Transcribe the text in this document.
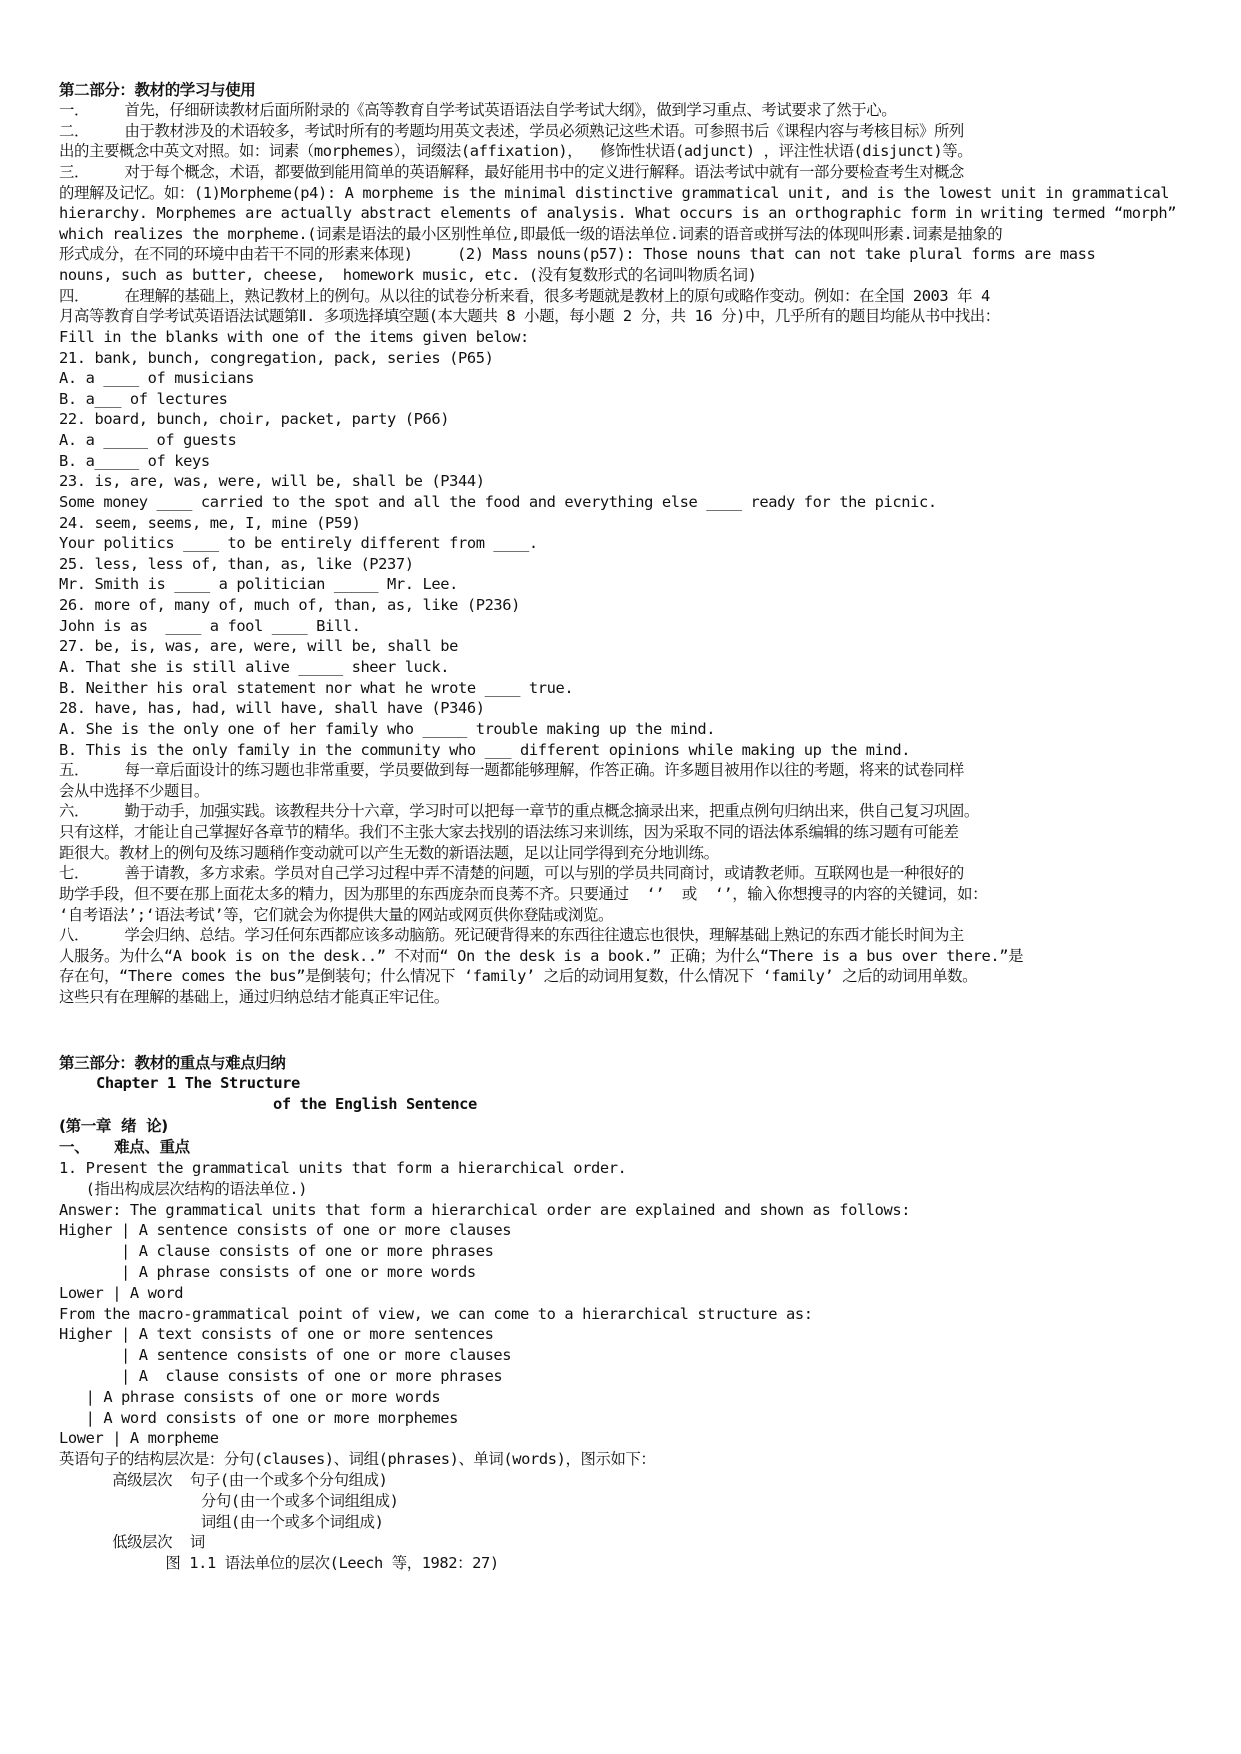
第二部分：教材的学习与使用
一．    首先，仔细研读教材后面所附录的《高等教育自学考试英语语法自学考试大纲》，做到学习重点、考试要求了然于心。
二．    由于教材涉及的术语较多，考试时所有的考题均用英文表述，学员必须熟记这些术语。可参照书后《课程内容与考核目标》所列
出的主要概念中英文对照。如：词素（morphemes），词缀法(affixation)，  修饰性状语(adjunct) ，评注性状语(disjunct)等。
三．    对于每个概念，术语，都要做到能用简单的英语解释，最好能用书中的定义进行解释。语法考试中就有一部分要检查考生对概念
的理解及记忆。如：(1)Morpheme(p4): A morpheme is the minimal distinctive grammatical unit, and is the lowest unit in grammatical
hierarchy. Morphemes are actually abstract elements of analysis. What occurs is an orthographic form in writing termed “morph”
which realizes the morpheme.(词素是语法的最小区别性单位,即最低一级的语法单位.词素的语音或拼写法的体现叫形素.词素是抽象的
形式成分，在不同的环境中由若干不同的形素来体现)     (2) Mass nouns(p57): Those nouns that can not take plural forms are mass
nouns, such as butter, cheese,  homework music, etc. (没有复数形式的名词叫物质名词)
四．    在理解的基础上，熟记教材上的例句。从以往的试卷分析来看，很多考题就是教材上的原句或略作变动。例如：在全国 2003 年 4
月高等教育自学考试英语语法试题第Ⅱ. 多项选择填空题(本大题共 8 小题，每小题 2 分，共 16 分)中，几乎所有的题目均能从书中找出：
Fill in the blanks with one of the items given below:
21. bank, bunch, congregation, pack, series (P65)
A. a ____ of musicians
B. a___ of lectures
22. board, bunch, choir, packet, party (P66)
A. a _____ of guests
B. a_____ of keys
23. is, are, was, were, will be, shall be (P344)
Some money ____ carried to the spot and all the food and everything else ____ ready for the picnic.
24. seem, seems, me, I, mine (P59)
Your politics ____ to be entirely different from ____.
25. less, less of, than, as, like (P237)
Mr. Smith is ____ a politician _____ Mr. Lee.
26. more of, many of, much of, than, as, like (P236)
John is as  ____ a fool ____ Bill.
27. be, is, was, are, were, will be, shall be
A. That she is still alive _____ sheer luck.
B. Neither his oral statement nor what he wrote ____ true.
28. have, has, had, will have, shall have (P346)
A. She is the only one of her family who _____ trouble making up the mind.
B. This is the only family in the community who ___ different opinions while making up the mind.
五．    每一章后面设计的练习题也非常重要，学员要做到每一题都能够理解，作答正确。许多题目被用作以往的考题，将来的试卷同样
会从中选择不少题目。
六．    勤于动手，加强实践。该教程共分十六章，学习时可以把每一章节的重点概念摘录出来，把重点例句归纳出来，供自己复习巩固。
只有这样，才能让自己掌握好各章节的精华。我们不主张大家去找别的语法练习来训练，因为采取不同的语法体系编辑的练习题有可能差
距很大。教材上的例句及练习题稍作变动就可以产生无数的新语法题，足以让同学得到充分地训练。
七．    善于请教，多方求索。学员对自己学习过程中弄不清楚的问题，可以与别的学员共同商讨，或请教老师。互联网也是一种很好的
助学手段，但不要在那上面花太多的精力，因为那里的东西庞杂而良莠不齐。只要通过  ‘’  或  ‘’，输入你想搜寻的内容的关键词，如：
‘自考语法’;‘语法考试’等，它们就会为你提供大量的网站或网页供你登陆或浏览。
八．    学会归纳、总结。学习任何东西都应该多动脑筋。死记硬背得来的东西往往遗忘也很快，理解基础上熟记的东西才能长时间为主
人服务。为什么“A book is on the desk..” 不对而“ On the desk is a book.” 正确；为什么“There is a bus over there.”是
存在句，“There comes the bus”是倒装句；什么情况下 ‘family’ 之后的动词用复数，什么情况下 ‘family’ 之后的动词用单数。
这些只有在理解的基础上，通过归纳总结才能真正牢记住。
第三部分：教材的重点与难点归纳
Chapter 1 The Structure
of the English Sentence
(第一章  绪  论)
一、     难点、重点
1. Present the grammatical units that form a hierarchical order.
(指出构成层次结构的语法单位.)
Answer: The grammatical units that form a hierarchical order are explained and shown as follows:
Higher | A sentence consists of one or more clauses
| A clause consists of one or more phrases
| A phrase consists of one or more words
Lower | A word
From the macro-grammatical point of view, we can come to a hierarchical structure as:
Higher | A text consists of one or more sentences
| A sentence consists of one or more clauses
| A  clause consists of one or more phrases
| A phrase consists of one or more words
| A word consists of one or more morphemes
Lower | A morpheme
英语句子的结构层次是：分句(clauses)、词组(phrases)、单词(words)，图示如下：
高级层次  句子(由一个或多个分句组成)
分句(由一个或多个词组组成)
词组(由一个或多个词组成)
低级层次  词
图 1.1 语法单位的层次(Leech 等，1982：27)
